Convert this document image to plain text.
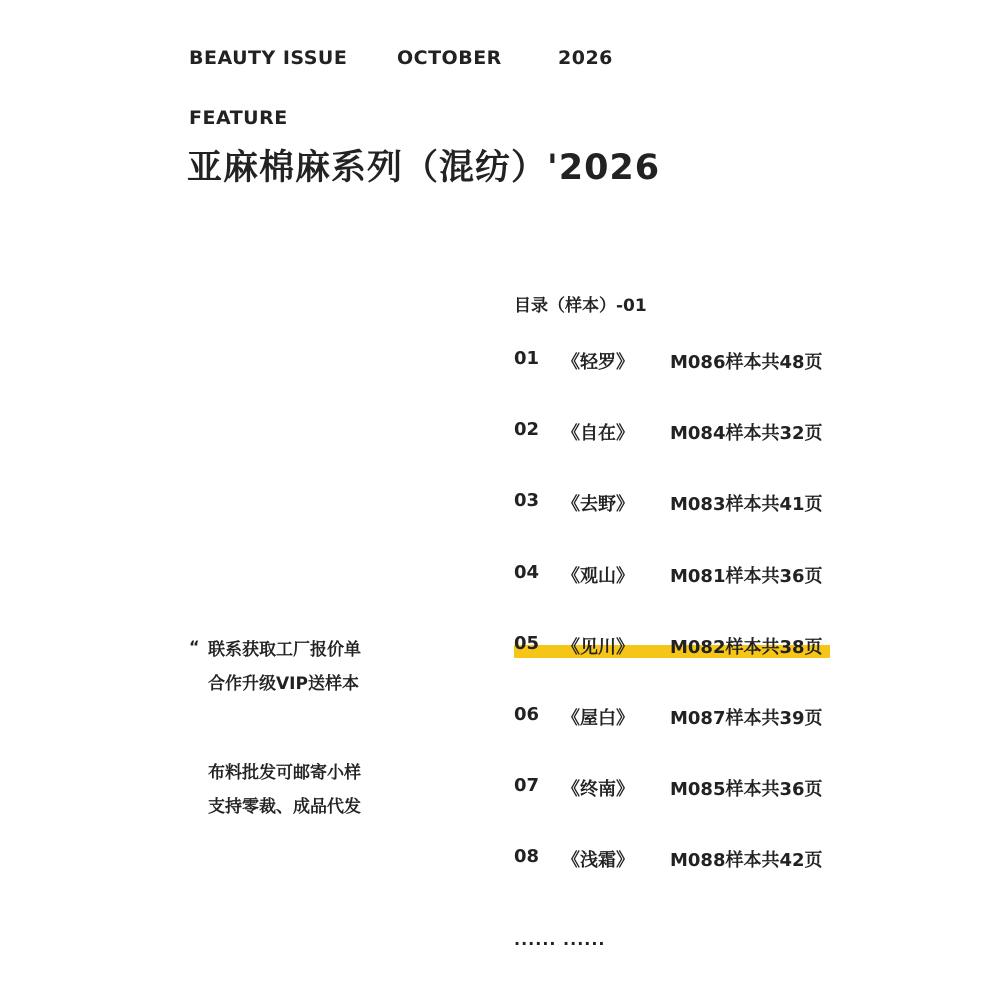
BEAUTY ISSUE	OCTOBER	2026
FEATURE
亚麻棉麻系列（混纺）'2026
目录（样本）-01
01 《轻罗》 M086样本共48页
02 《自在》 M084样本共32页
03 《去野》 M083样本共41页
04 《观山》 M081样本共36页
05 《见川》 M082样本共38页
06 《屋白》 M087样本共39页
07 《终南》 M085样本共36页
08 《浅霜》 M088样本共42页
...... ......
“ 联系获取工厂报价单
合作升级VIP送样本
布料批发可邮寄小样
支持零裁、成品代发
